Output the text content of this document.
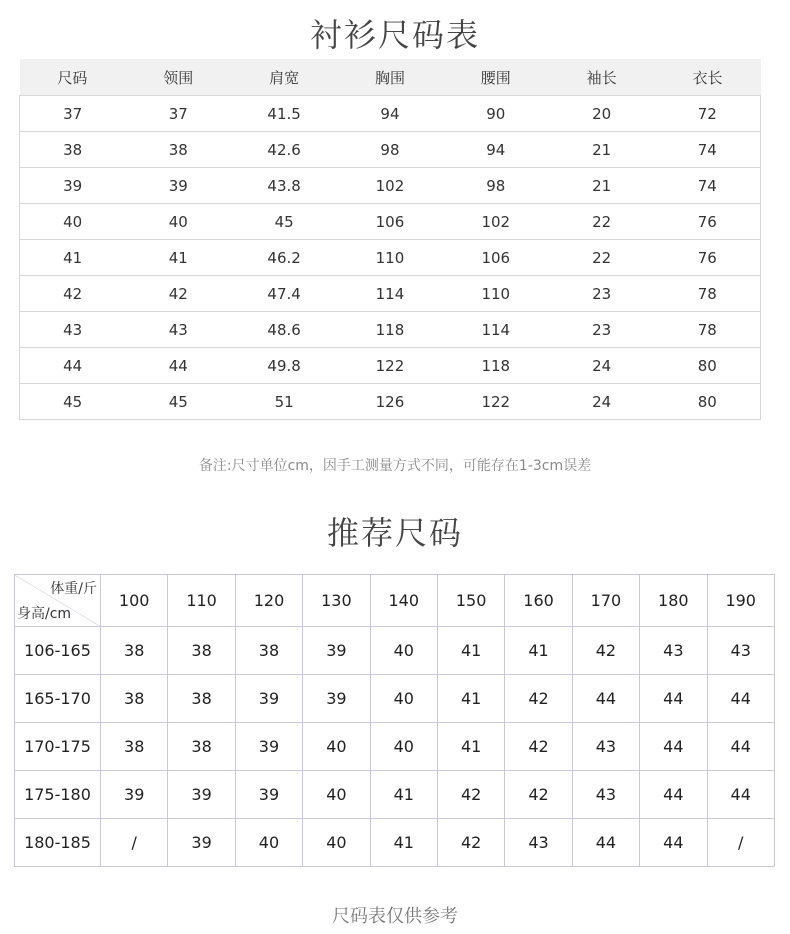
衬衫尺码表
尺码	领围	肩宽	胸围	腰围	袖长	衣长
37	37	41.5	94	90	20	72
38	38	42.6	98	94	21	74
39	39	43.8	102	98	21	74
40	40	45	106	102	22	76
41	41	46.2	110	106	22	76
42	42	47.4	114	110	23	78
43	43	48.6	118	114	23	78
44	44	49.8	122	118	24	80
45	45	51	126	122	24	80
备注:尺寸单位cm，因手工测量方式不同，可能存在1-3cm误差
推荐尺码
体重/斤
身高/cm	100	110	120	130	140	150	160	170	180	190
106-165	38	38	38	39	40	41	41	42	43	43
165-170	38	38	39	39	40	41	42	44	44	44
170-175	38	38	39	40	40	41	42	43	44	44
175-180	39	39	39	40	41	42	42	43	44	44
180-185	/	39	40	40	41	42	43	44	44	/
尺码表仅供参考
